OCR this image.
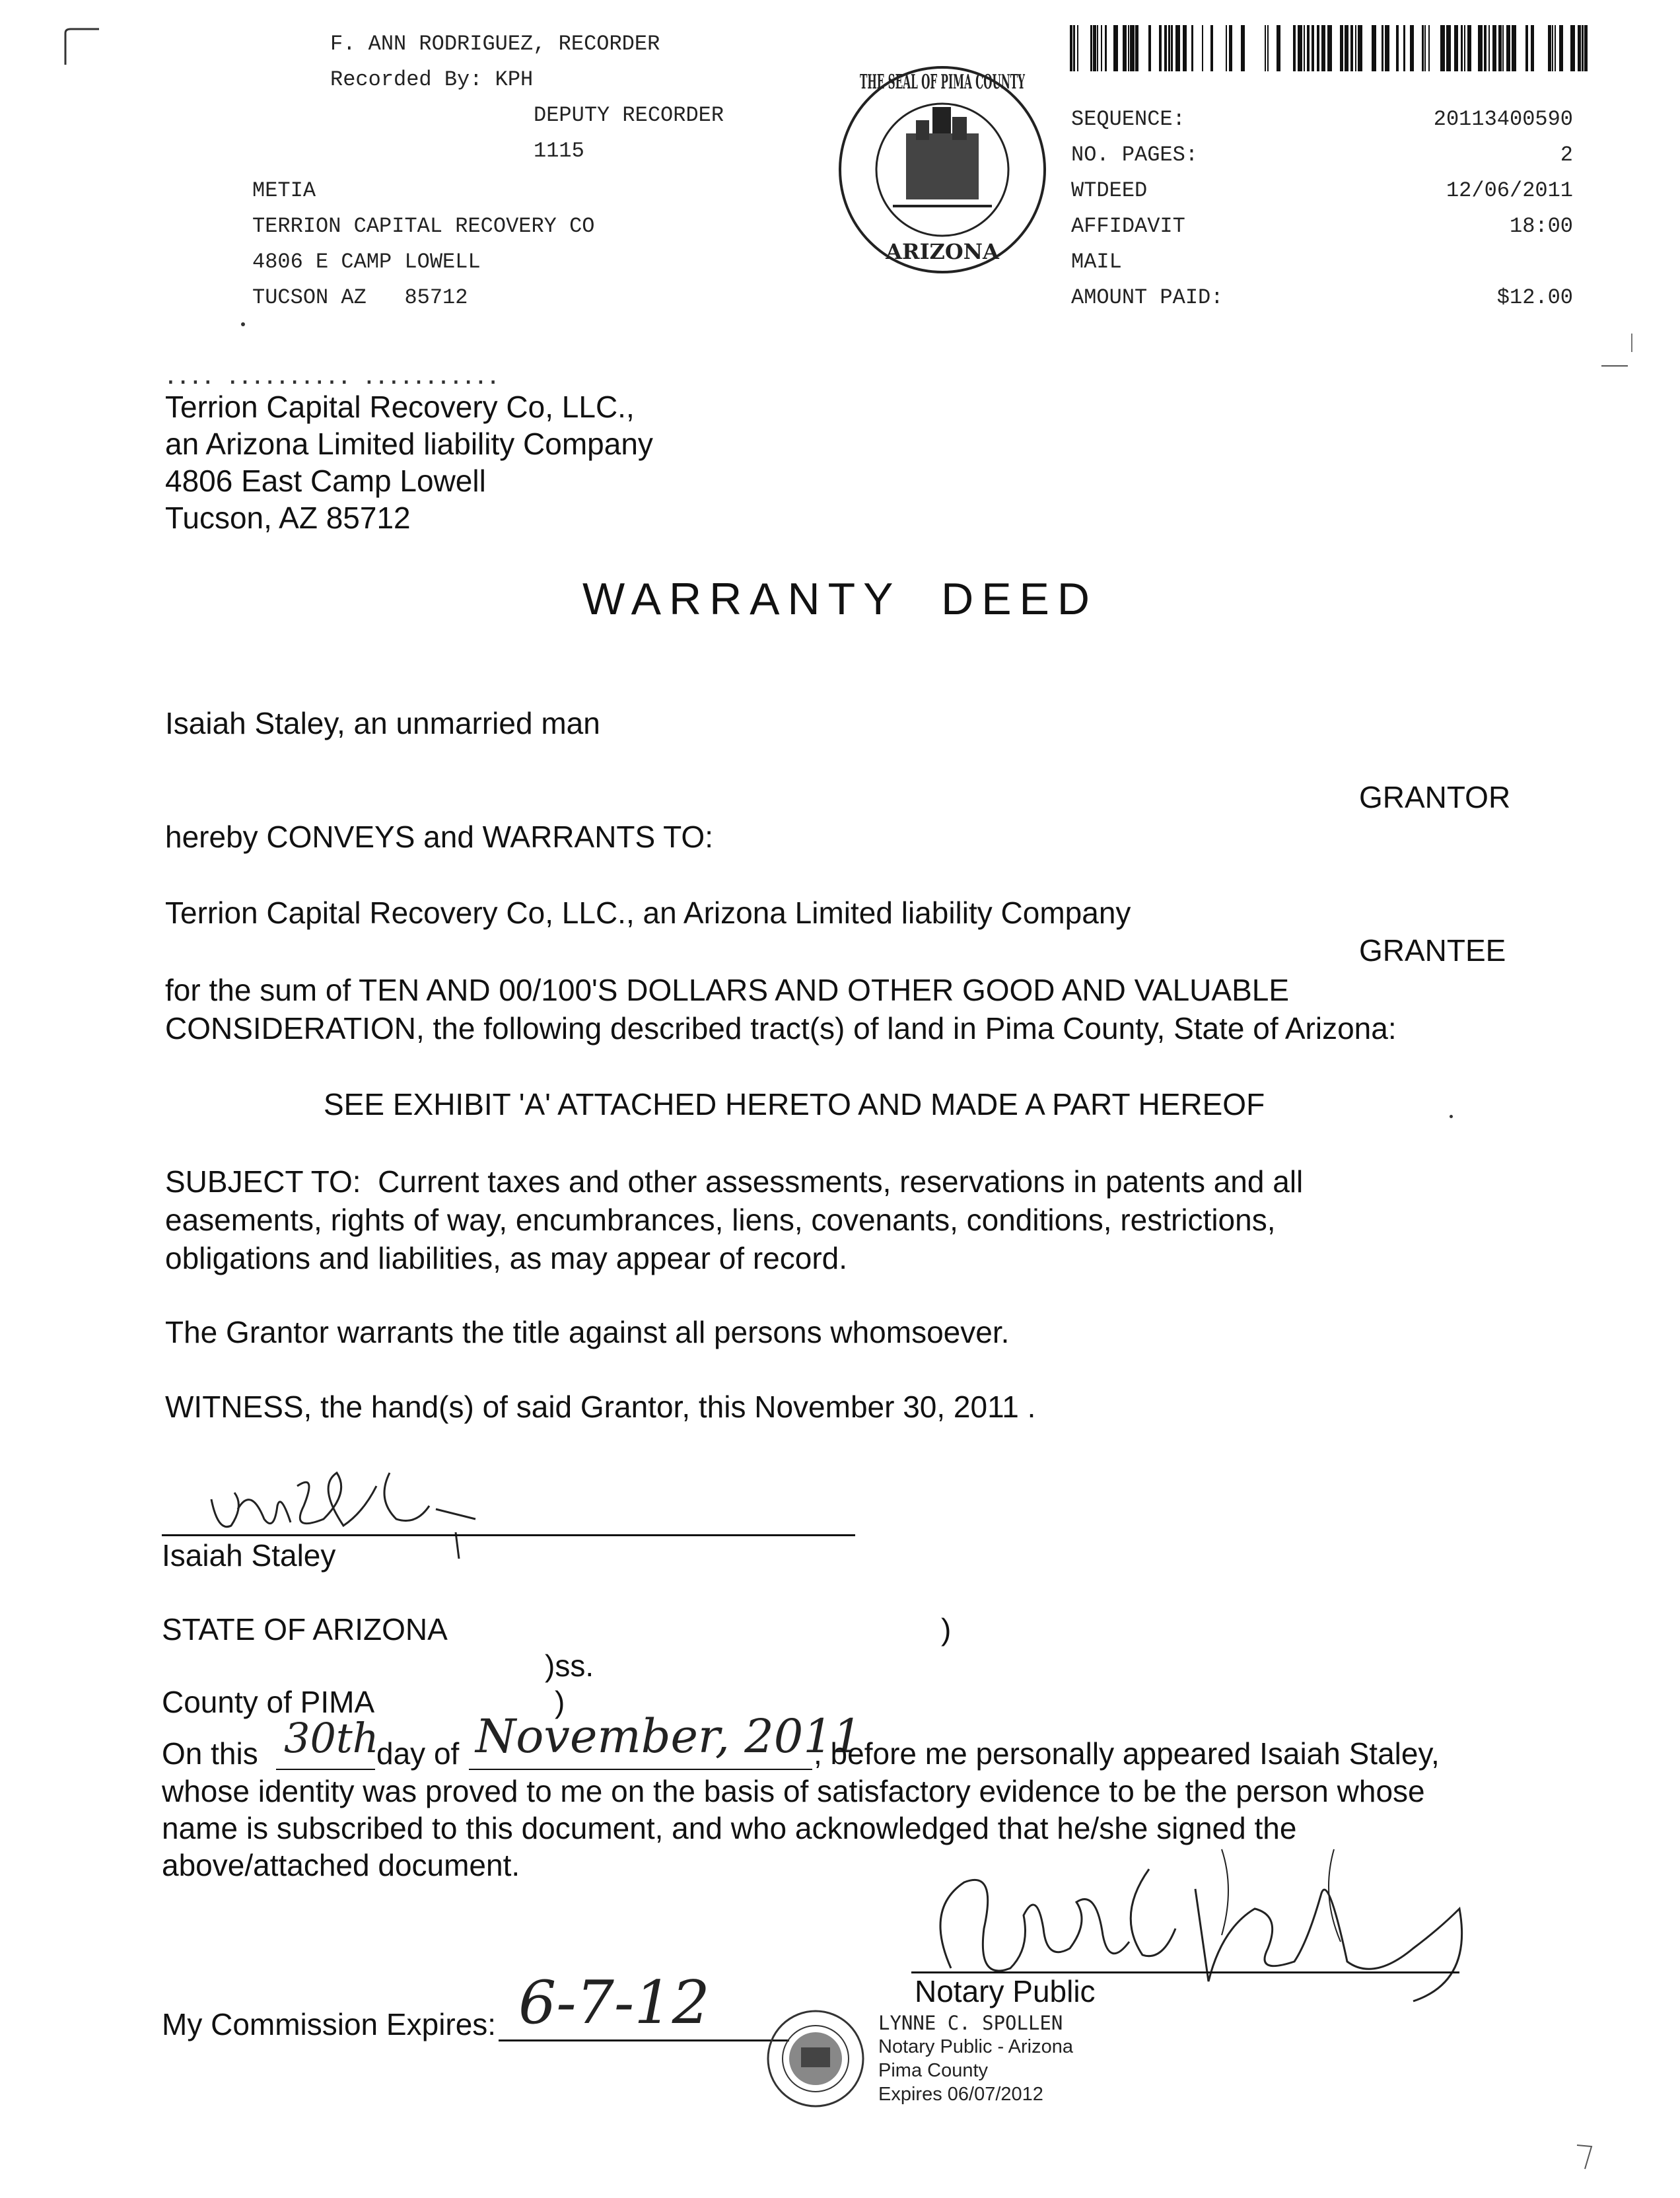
F. ANN RODRIGUEZ, RECORDER
Recorded By: KPH
DEPUTY RECORDER
1115
METIA
TERRION CAPITAL RECOVERY CO
4806 E CAMP LOWELL
TUCSON AZ   85712
THE SEAL OF PIMA COUNTY
ARIZONA
SEQUENCE:	20113400590
NO. PAGES:	2
WTDEED	12/06/2011
AFFIDAVIT	18:00
MAIL
AMOUNT PAID:	$12.00
.... .......... ...........
Terrion Capital Recovery Co, LLC.,
an Arizona Limited liability Company
4806 East Camp Lowell
Tucson, AZ 85712
WARRANTY  DEED
Isaiah Staley, an unmarried man
GRANTOR
hereby CONVEYS and WARRANTS TO:
Terrion Capital Recovery Co, LLC., an Arizona Limited liability Company
GRANTEE
for the sum of TEN AND 00/100'S DOLLARS AND OTHER GOOD AND VALUABLE
CONSIDERATION, the following described tract(s) of land in Pima County, State of Arizona:
SEE EXHIBIT 'A' ATTACHED HERETO AND MADE A PART HEREOF
SUBJECT TO:  Current taxes and other assessments, reservations in patents and all
easements, rights of way, encumbrances, liens, covenants, conditions, restrictions,
obligations and liabilities, as may appear of record.
The Grantor warrants the title against all persons whomsoever.
WITNESS, the hand(s) of said Grantor, this November 30, 2011 .
Isaiah Staley
STATE OF ARIZONA	)
)ss.
County of PIMA	)
On this 30th
day of November, 2011
, before me personally appeared Isaiah Staley,
whose identity was proved to me on the basis of satisfactory evidence to be the person whose
name is subscribed to this document, and who acknowledged that he/she signed the
above/attached document.
Notary Public
My Commission Expires: 6-7-12	LYNNE C. SPOLLEN
Notary Public - Arizona
Pima County
Expires 06/07/2012
